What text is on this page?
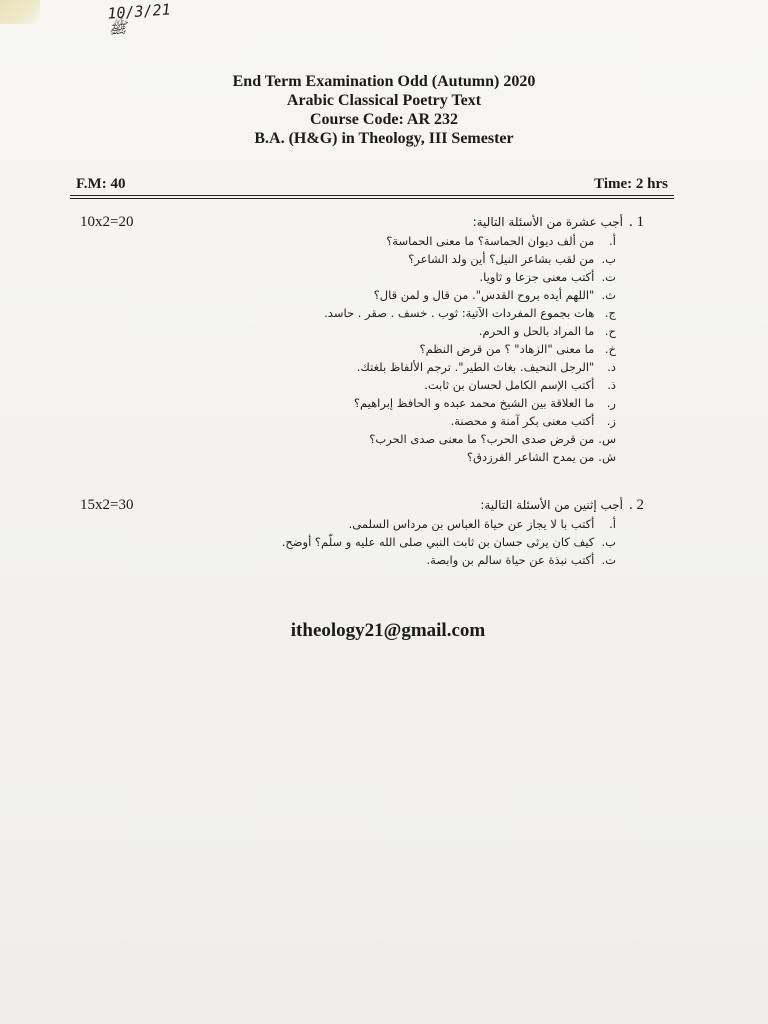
10/3/21
ﷺ
End Term Examination Odd (Autumn) 2020
Arabic Classical Poetry Text
Course Code: AR 232
B.A. (H&G) in Theology, III Semester
F.M: 40	Time: 2 hrs
10x2=20	1 .أجب عشرة من الأسئلة التالية:
أ. من ألف ديوان الحماسة؟ ما معنى الحماسة؟
ب. من لقب بشاعر النيل؟ أين ولد الشاعر؟
ت. أكتب معنى جزعا و ثاويا.
ث. "اللهم أيده بروح القدس". من قال و لمن قال؟
ج. هات بجموع المفردات الآتية: ثوب . خسف . صقر . حاسد.
ح. ما المراد بالحل و الحرم.
خ. ما معنى "الزهاد" ؟ من قرض النظم؟
د. "الرجل النحيف. بغاث الطير". ترجم الألفاظ بلغتك.
ذ. أكتب الإسم الكامل لحسان بن ثابت.
ر. ما العلاقة بين الشيخ محمد عبده و الحافظ إبراهيم؟
ز. أكتب معنى بكر آمنة و محصنة.
س. من قرض صدى الحرب؟ ما معنى صدى الحرب؟
ش. من يمدح الشاعر الفرزدق؟
15x2=30	2 .أجب إثنين من الأسئلة التالية:
أ. أكتب با لا يجاز عن حياة العباس بن مرداس السلمى.
ب. كيف كان يرثى حسان بن ثابت النبي صلى الله عليه و سلّم؟ أوضح.
ت. أكتب نبذة عن حياة سالم بن وابصة.
itheology21@gmail.com
